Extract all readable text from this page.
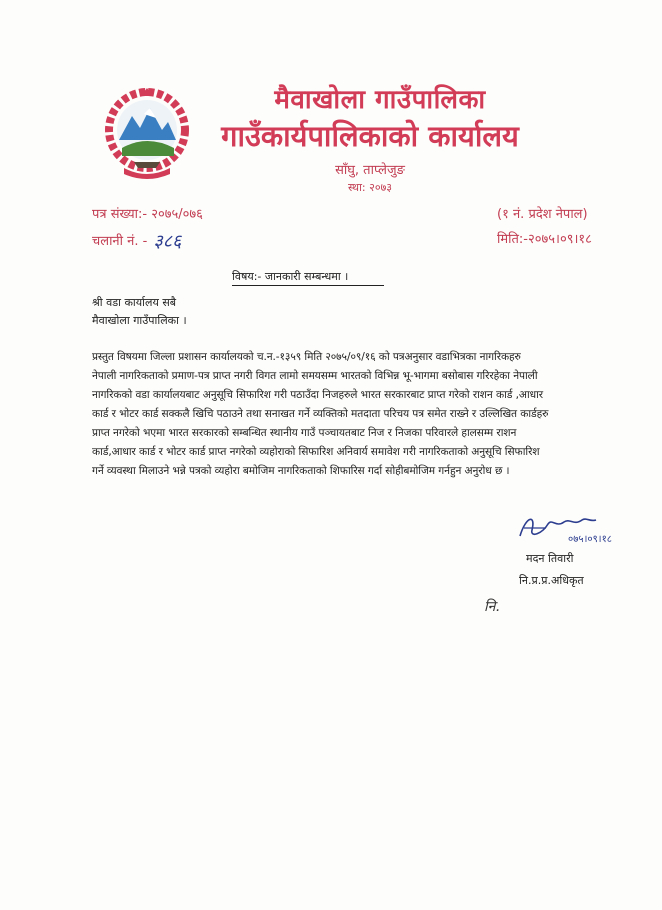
मैवाखोला गाउँपालिका
गाउँकार्यपालिकाको कार्यालय
साँघु, ताप्लेजुङ
स्था: २०७३
पत्र संख्या:- २०७५/०७६
चलानी नं. - ३८६
(१ नं. प्रदेश नेपाल)
मिति:-२०७५।०९।१८
विषय:- जानकारी सम्बन्धमा ।
श्री वडा कार्यालय सबै
मैवाखोला गाउँपालिका ।
प्रस्तुत विषयमा जिल्ला प्रशासन कार्यालयको च.न.-१३५९ मिति २०७५/०९/१६ को पत्रअनुसार वडाभित्रका नागरिकहरु
नेपाली नागरिकताको प्रमाण-पत्र प्राप्त नगरी विगत लामो समयसम्म भारतको विभिन्न भू-भागमा बसोबास गरिरहेका नेपाली
नागरिकको वडा कार्यालयबाट अनुसूचि सिफारिश गरी पठाउँदा निजहरुले भारत सरकारबाट प्राप्त गरेको राशन कार्ड ,आधार
कार्ड र भोटर कार्ड सक्कलै खिचि पठाउने तथा सनाखत गर्ने व्यक्तिको मतदाता परिचय पत्र समेत राख्ने र उल्लिखित कार्डहरु
प्राप्त नगरेको भएमा भारत सरकारको सम्बन्धित स्थानीय गाउँ पञ्चायतबाट निज र निजका परिवारले हालसम्म राशन
कार्ड,आधार कार्ड र भोटर कार्ड प्राप्त नगरेको व्यहोराको सिफारिश अनिवार्य समावेश गरी नागरिकताको अनुसूचि सिफारिश
गर्ने व्यवस्था मिलाउने भन्ने पत्रको व्यहोरा बमोजिम नागरिकताको शिफारिस गर्दा सोहीबमोजिम गर्नहुन अनुरोध छ ।
०७५।०९।१८
मदन तिवारी
नि.प्र.प्र.अधिकृत
नि.
